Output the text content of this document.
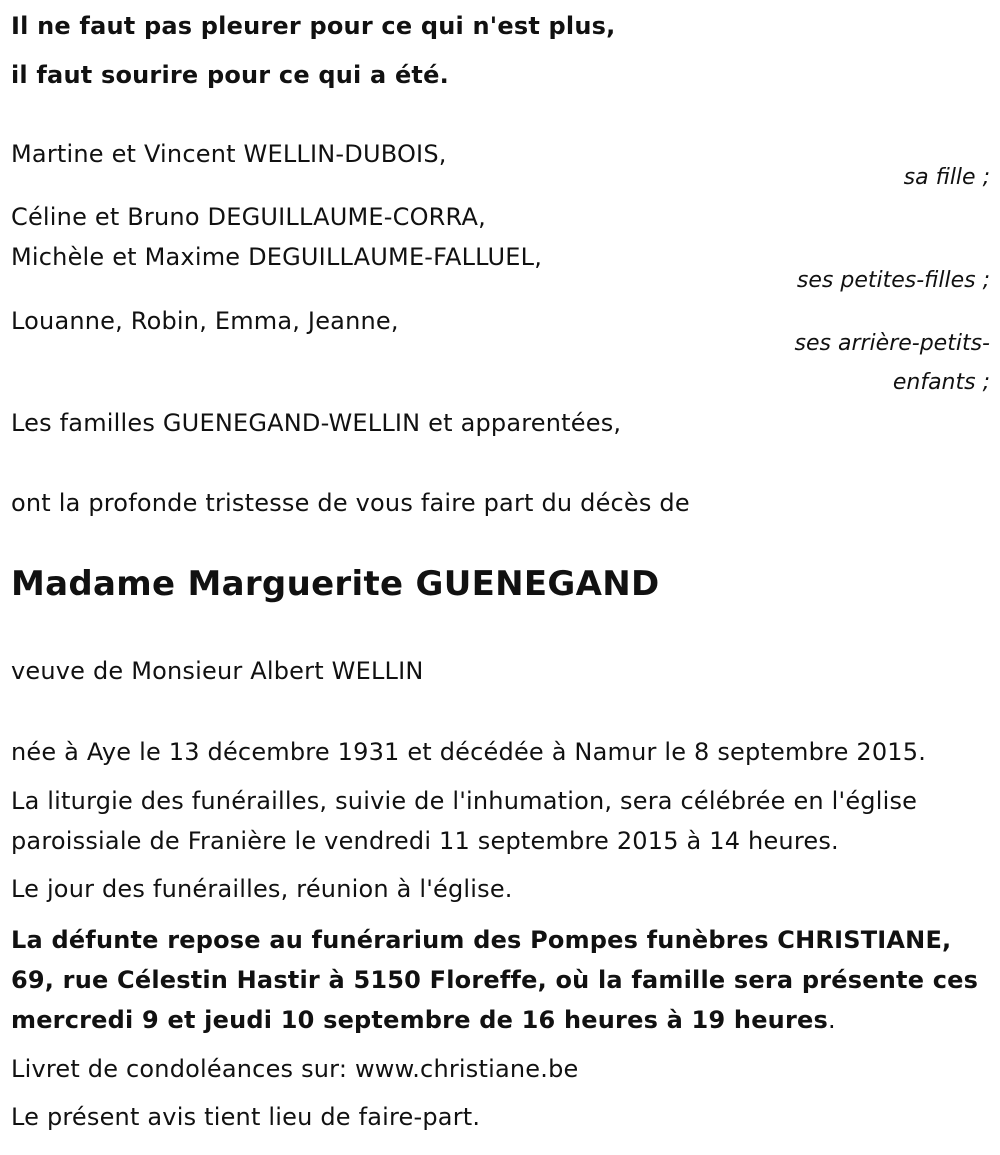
Il ne faut pas pleurer pour ce qui n'est plus,
il faut sourire pour ce qui a été.
Martine et Vincent WELLIN-DUBOIS,
sa fille ;
Céline et Bruno DEGUILLAUME-CORRA,
Michèle et Maxime DEGUILLAUME-FALLUEL,
ses petites-filles ;
Louanne, Robin, Emma, Jeanne,
ses arrière-petits-
enfants ;
Les familles GUENEGAND-WELLIN et apparentées,
ont la profonde tristesse de vous faire part du décès de
Madame Marguerite GUENEGAND
veuve de Monsieur Albert WELLIN
née à Aye le 13 décembre 1931 et décédée à Namur le 8 septembre 2015.
La liturgie des funérailles, suivie de l'inhumation, sera célébrée en l'église
paroissiale de Franière le vendredi 11 septembre 2015 à 14 heures.
Le jour des funérailles, réunion à l'église.
La défunte repose au funérarium des Pompes funèbres CHRISTIANE,
69, rue Célestin Hastir à 5150 Floreffe, où la famille sera présente ces
mercredi 9 et jeudi 10 septembre de 16 heures à 19 heures.
Livret de condoléances sur: www.christiane.be
Le présent avis tient lieu de faire-part.
